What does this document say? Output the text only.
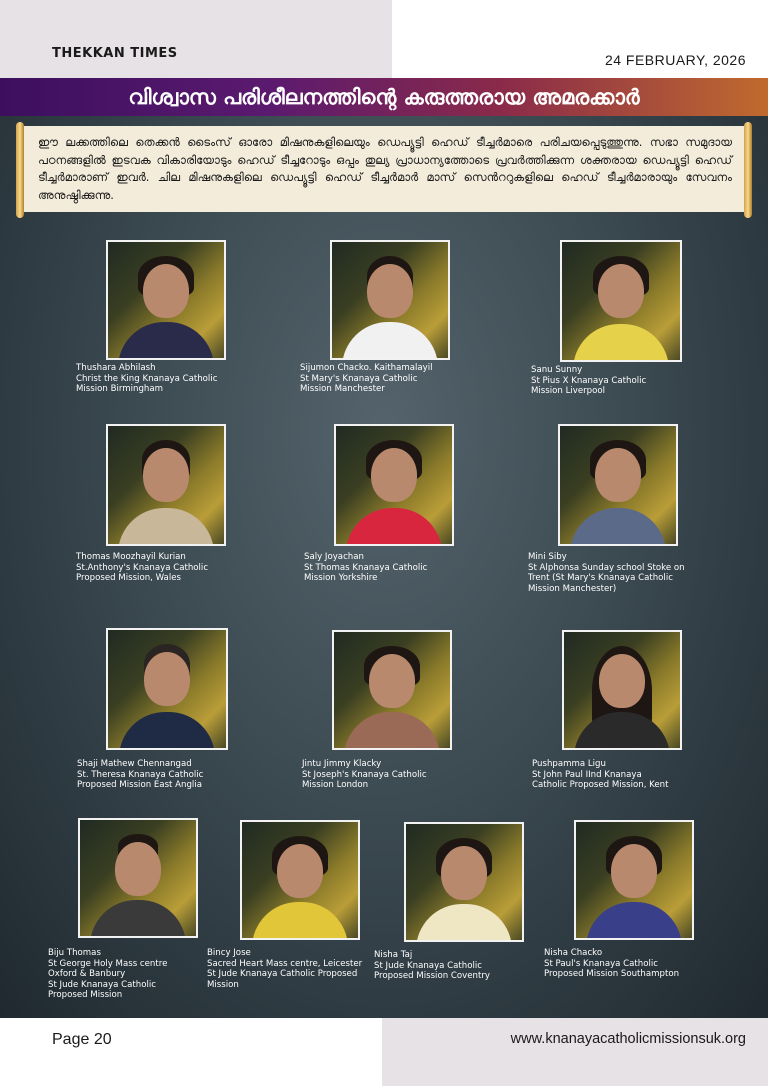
THEKKAN TIMES	24 FEBRUARY, 2026
വിശ്വാസ പരിശീലനത്തിന്റെ കരുത്തരായ അമരക്കാർ
ഈ ലക്കത്തിലെ തെക്കൻ ടൈംസ് ഓരോ മിഷനുകളിലെയും ഡെപ്യൂട്ടി ഹെഡ് ടീച്ചർമാരെ പരിചയപ്പെടുത്തുന്നു. സഭാ സമുദായ പഠനങ്ങളിൽ ഇടവക വികാരിയോടും ഹെഡ് ടീച്ചറോടും ഒപ്പം തുല്യ പ്രാധാന്യത്തോടെ പ്രവർത്തിക്കുന്ന ശക്തരായ ഡെപ്യൂട്ടി ഹെഡ് ടീച്ചർമാരാണ് ഇവർ. ചില മിഷനുകളിലെ ഡെപ്യൂട്ടി ഹെഡ് ടീച്ചർമാർ മാസ് സെൻററുകളിലെ ഹെഡ് ടീച്ചർമാരായും സേവനം അനുഷ്ഠിക്കുന്നു.
Thushara Abhilash
Christ the King Knanaya Catholic
Mission Birmingham
Sijumon Chacko. Kaithamalayil
St Mary's Knanaya Catholic
Mission Manchester
Sanu Sunny
St Pius X Knanaya Catholic
Mission Liverpool
Thomas Moozhayil Kurian
St.Anthony's Knanaya Catholic
Proposed Mission, Wales
Saly Joyachan
St Thomas Knanaya Catholic
Mission Yorkshire
Mini Siby
St Alphonsa Sunday school Stoke on
Trent (St Mary's Knanaya Catholic
Mission Manchester)
Shaji Mathew Chennangad
St. Theresa Knanaya Catholic
Proposed Mission East Anglia
Jintu Jimmy Klacky
St Joseph's Knanaya Catholic
Mission London
Pushpamma Ligu
St John Paul IInd Knanaya
Catholic Proposed Mission, Kent
Biju Thomas
St George Holy Mass centre
Oxford & Banbury
St Jude Knanaya Catholic
Proposed Mission
Bincy Jose
Sacred Heart Mass centre, Leicester
St Jude Knanaya Catholic Proposed
Mission
Nisha Taj
St Jude Knanaya Catholic
Proposed Mission Coventry
Nisha Chacko
St Paul's Knanaya Catholic
Proposed Mission Southampton
Page 20	www.knanayacatholicmissionsuk.org
